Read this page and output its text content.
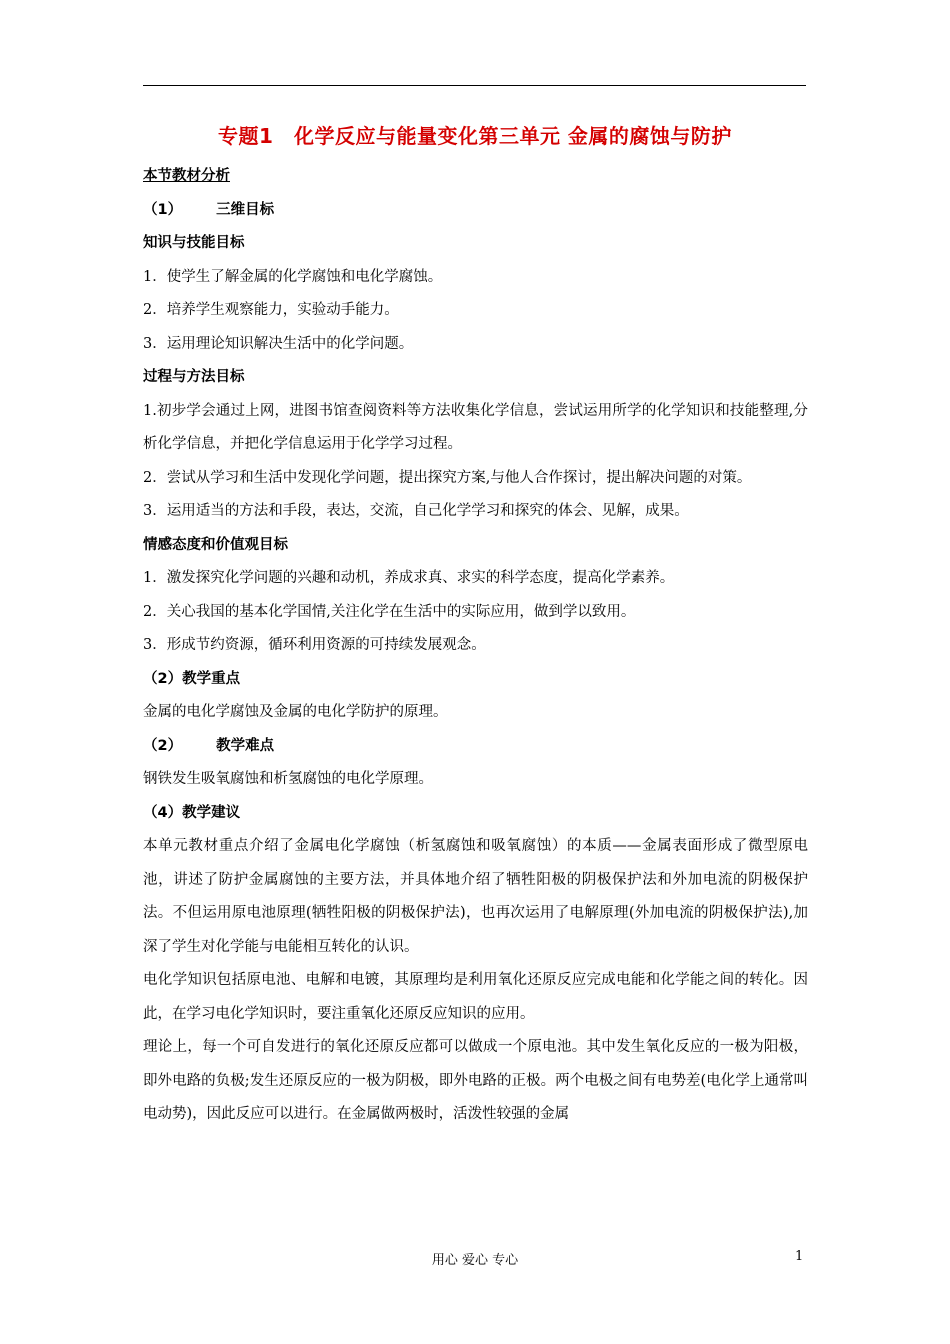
专题1　化学反应与能量变化第三单元 金属的腐蚀与防护
本节教材分析
（1） 三维目标
知识与技能目标
1．使学生了解金属的化学腐蚀和电化学腐蚀。
2．培养学生观察能力，实验动手能力。
3．运用理论知识解决生活中的化学问题。
过程与方法目标
1.初步学会通过上网，进图书馆查阅资料等方法收集化学信息，尝试运用所学的化学知识和技能整理,分析化学信息，并把化学信息运用于化学学习过程。
2．尝试从学习和生活中发现化学问题，提出探究方案,与他人合作探讨，提出解决问题的对策。
3．运用适当的方法和手段，表达，交流，自己化学学习和探究的体会、见解，成果。
情感态度和价值观目标
1．激发探究化学问题的兴趣和动机，养成求真、求实的科学态度，提高化学素养。
2．关心我国的基本化学国情,关注化学在生活中的实际应用，做到学以致用。
3．形成节约资源，循环利用资源的可持续发展观念。
（2）教学重点
金属的电化学腐蚀及金属的电化学防护的原理。
（2） 教学难点
钢铁发生吸氧腐蚀和析氢腐蚀的电化学原理。
（4）教学建议
本单元教材重点介绍了金属电化学腐蚀（析氢腐蚀和吸氧腐蚀）的本质——金属表面形成了微型原电池，讲述了防护金属腐蚀的主要方法，并具体地介绍了牺牲阳极的阴极保护法和外加电流的阴极保护法。不但运用原电池原理(牺牲阳极的阴极保护法)，也再次运用了电解原理(外加电流的阴极保护法),加深了学生对化学能与电能相互转化的认识。
电化学知识包括原电池、电解和电镀，其原理均是利用氧化还原反应完成电能和化学能之间的转化。因此，在学习电化学知识时，要注重氧化还原反应知识的应用。
理论上，每一个可自发进行的氧化还原反应都可以做成一个原电池。其中发生氧化反应的一极为阳极，即外电路的负极;发生还原反应的一极为阴极，即外电路的正极。两个电极之间有电势差(电化学上通常叫电动势)，因此反应可以进行。在金属做两极时，活泼性较强的金属
用心 爱心 专心	1
